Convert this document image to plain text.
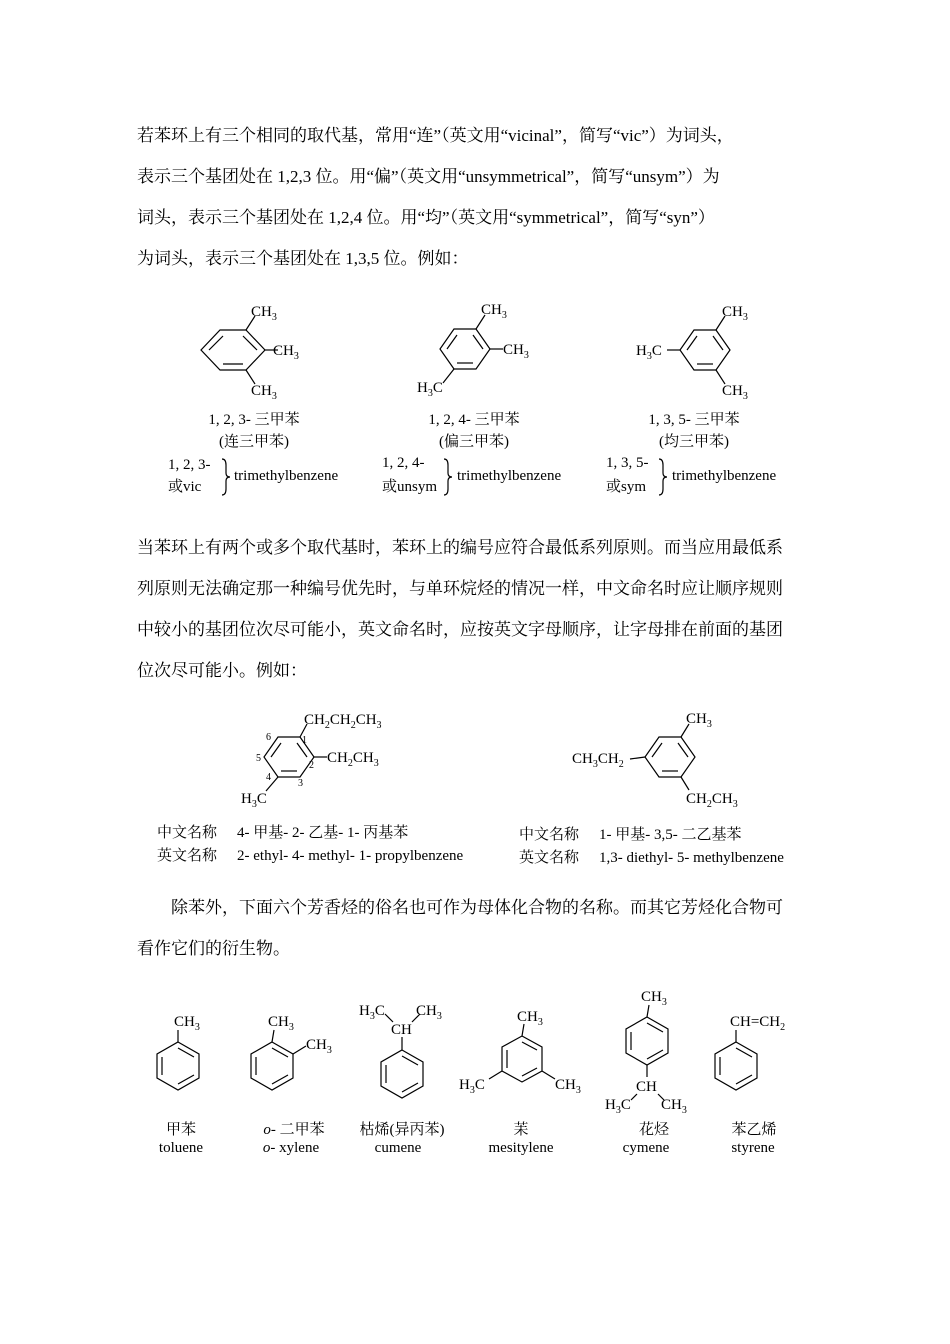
若苯环上有三个相同的取代基，常用“连”（英文用“vicinal”，简写“vic”）为词头，
表示三个基团处在 1,2,3 位。用“偏”（英文用“unsymmetrical”，简写“unsym”）为
词头，表示三个基团处在 1,2,4 位。用“均”（英文用“symmetrical”，简写“syn”）
为词头，表示三个基团处在 1,3,5 位。例如：
$CH_3$
$CH_3$
$CH_3$
$CH_3$
$CH_3$
$H_3C$
$CH_3$
$H_3C$
$CH_3$
$CH_2CH_2CH_3$
$CH_2CH_3$
$H_3C$
1
2
3
4
5
6
$CH_3$
$CH_3CH_2$
$CH_2CH_3$
$CH_3$	$CH_3$
$CH_3$
CH
$H_3C$ $CH_3$	$CH_3$
$H_3C$	$CH_3$
$CH_3$
CH
$H_3C$ $CH_3$
$CH=CH_2$
1, 2, 3- 三甲苯
(连三甲苯)
1, 2, 3-
或vic
trimethylbenzene
1, 2, 4- 三甲苯
(偏三甲苯)
1, 2, 4-
或unsym
trimethylbenzene
1, 3, 5- 三甲苯
(均三甲苯)
1, 3, 5-
或sym
trimethylbenzene
当苯环上有两个或多个取代基时，苯环上的编号应符合最低系列原则。而当应用最低系
列原则无法确定那一种编号优先时，与单环烷烃的情况一样，中文命名时应让顺序规则
中较小的基团位次尽可能小，英文命名时，应按英文字母顺序，让字母排在前面的基团
位次尽可能小。例如：
中文名称 4- 甲基- 2- 乙基- 1- 丙基苯
英文名称 2- ethyl- 4- methyl- 1- propylbenzene
中文名称 1- 甲基- 3,5- 二乙基苯
英文名称 1,3- diethyl- 5- methylbenzene
除苯外，下面六个芳香烃的俗名也可作为母体化合物的名称。而其它芳烃化合物可
看作它们的衍生物。
甲苯
toluene
o- 二甲苯
o- xylene
枯烯(异丙苯)
cumene
苿
mesitylene
花烃
cymene
苯乙烯
styrene
